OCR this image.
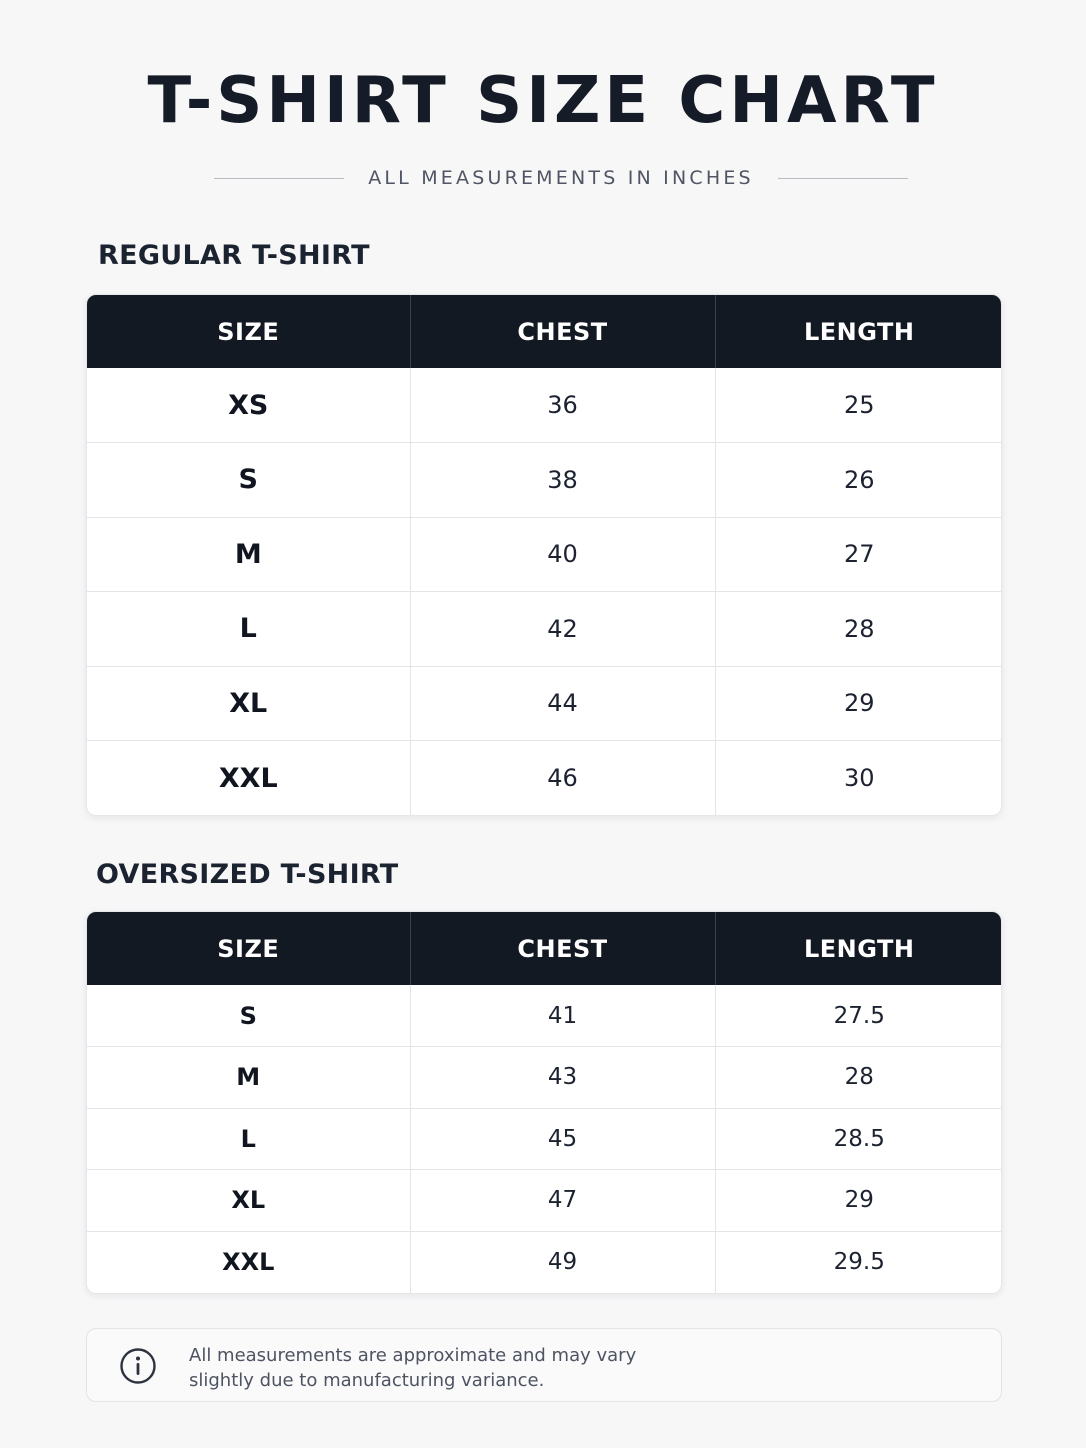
T-SHIRT SIZE CHART
ALL MEASUREMENTS IN INCHES
REGULAR T-SHIRT
SIZE	CHEST	LENGTH
XS	36	25
S	38	26
M	40	27
L	42	28
XL	44	29
XXL	46	30
OVERSIZED T-SHIRT
SIZE	CHEST	LENGTH
S	41	27.5
M	43	28
L	45	28.5
XL	47	29
XXL	49	29.5
All measurements are approximate and may vary
slightly due to manufacturing variance.
